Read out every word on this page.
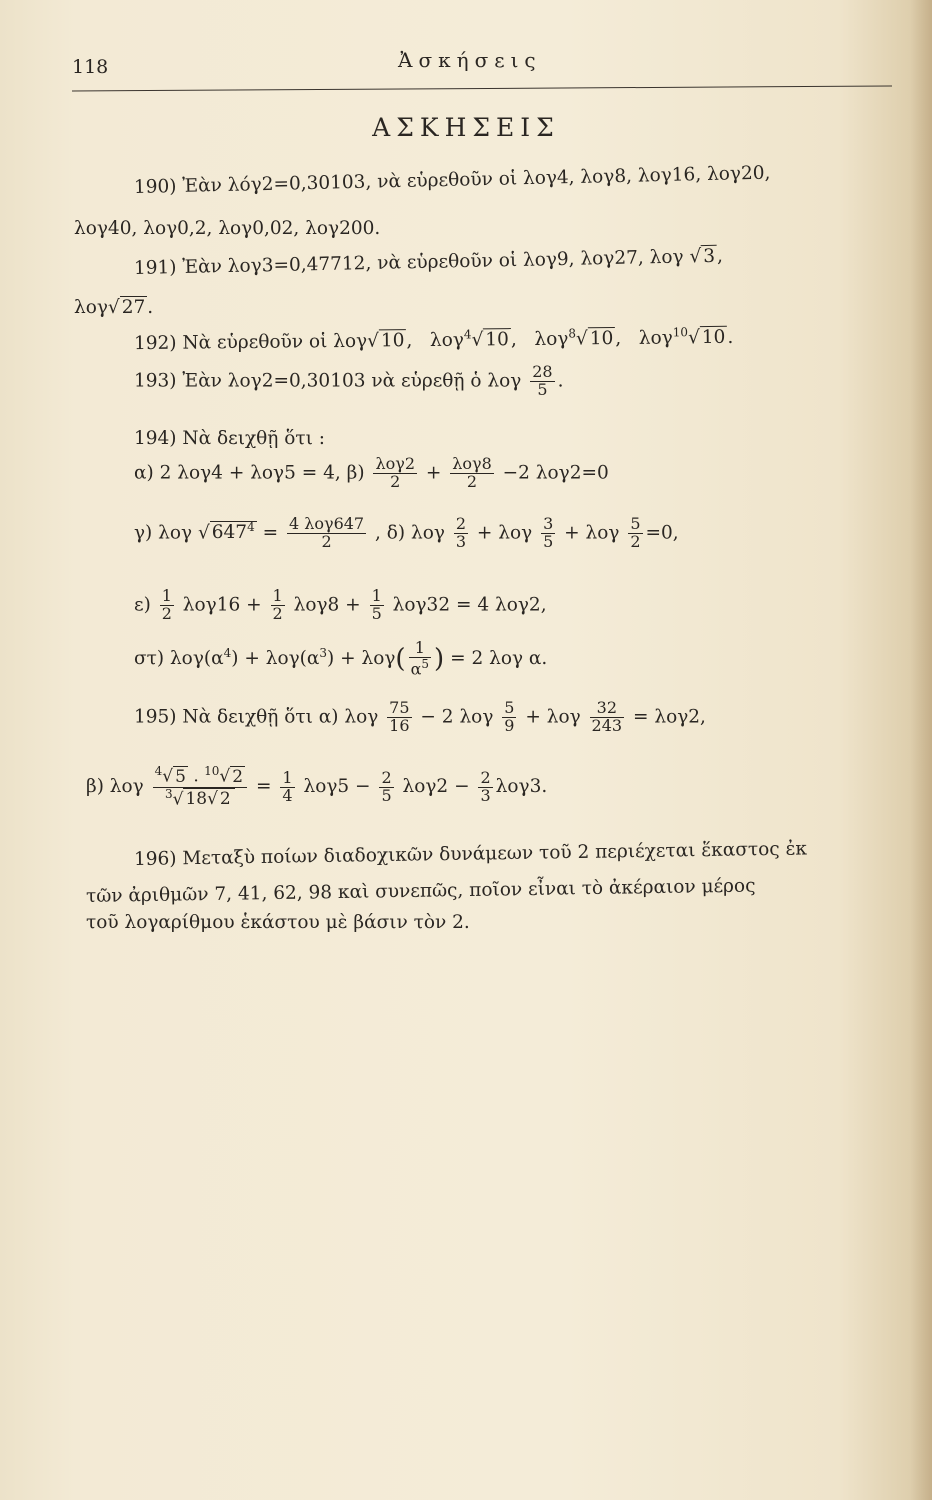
118	Ἀσκήσεις
ΑΣΚΗΣΕΙΣ
190) Ἐὰν λόγ2=0,30103, νὰ εὑρεθοῦν οἱ λογ4, λογ8, λογ16, λογ20,
λογ40, λογ0,2, λογ0,02, λογ200.
191) Ἐὰν λογ3=0,47712, νὰ εὑρεθοῦν οἱ λογ9, λογ27, λογ √3,
λογ√ 27 .
192) Νὰ εὑρεθοῦν οἱ λογ√10,   λογ$^4$√10,   λογ$^8$√10,   λογ$^{10}$√10.
193) Ἐὰν λογ2=0,30103 νὰ εὑρεθῇ ὁ λογ $\frac{28}{5}$ .
194) Νὰ δειχθῇ ὅτι :
α) 2 λογ4 + λογ5 = 4, $\beta) \frac{\text{λογ2}}{2} + \frac{\text{λογ8}}{2} -2$ λογ2=0
γ) λογ √ $647^4 = \frac{\text{4 λογ647}}{2}$ , δ) λογ $\frac{2}{3} + \lambda o\gamma \frac{3}{5} + \lambda o\gamma \frac{5}{2} =0$,
$\varepsilon) \frac{1}{2} \lambda o\gamma 16 + \frac{1}{2} \lambda o\gamma 8 + \frac{1}{5} \lambda o\gamma 32 = 4$ λογ2,
στ) $\lambda o\gamma(\alpha^4) + \lambda o\gamma(\alpha^3) + \lambda o\gamma( \frac{1}{\alpha^5}$ ) = 2 λογ α.
195) Νὰ δειχθῇ ὅτι α) λογ $\frac{75}{16} - 2$ λογ $\frac{5}{9} + \lambda o\gamma \frac{32}{243} = \lambda o\gamma 2$,
β) λογ $\frac{^4√ 5 . ^{10}√ 2}{^3√ 18√ 2} = \frac{1}{4} \lambda o\gamma 5 - \frac{2}{5} \lambda o\gamma 2 - \frac{2}{3} \lambda o\gamma 3$.
196) Μεταξὺ ποίων διαδοχικῶν δυνάμεων τοῦ 2 περιέχεται ἕκαστος ἐκ
τῶν ἀριθμῶν 7, 41, 62, 98 καὶ συνεπῶς, ποῖον εἶναι τὸ ἀκέραιον μέρος
τοῦ λογαρίθμου ἑκάστου μὲ βάσιν τὸν 2.
